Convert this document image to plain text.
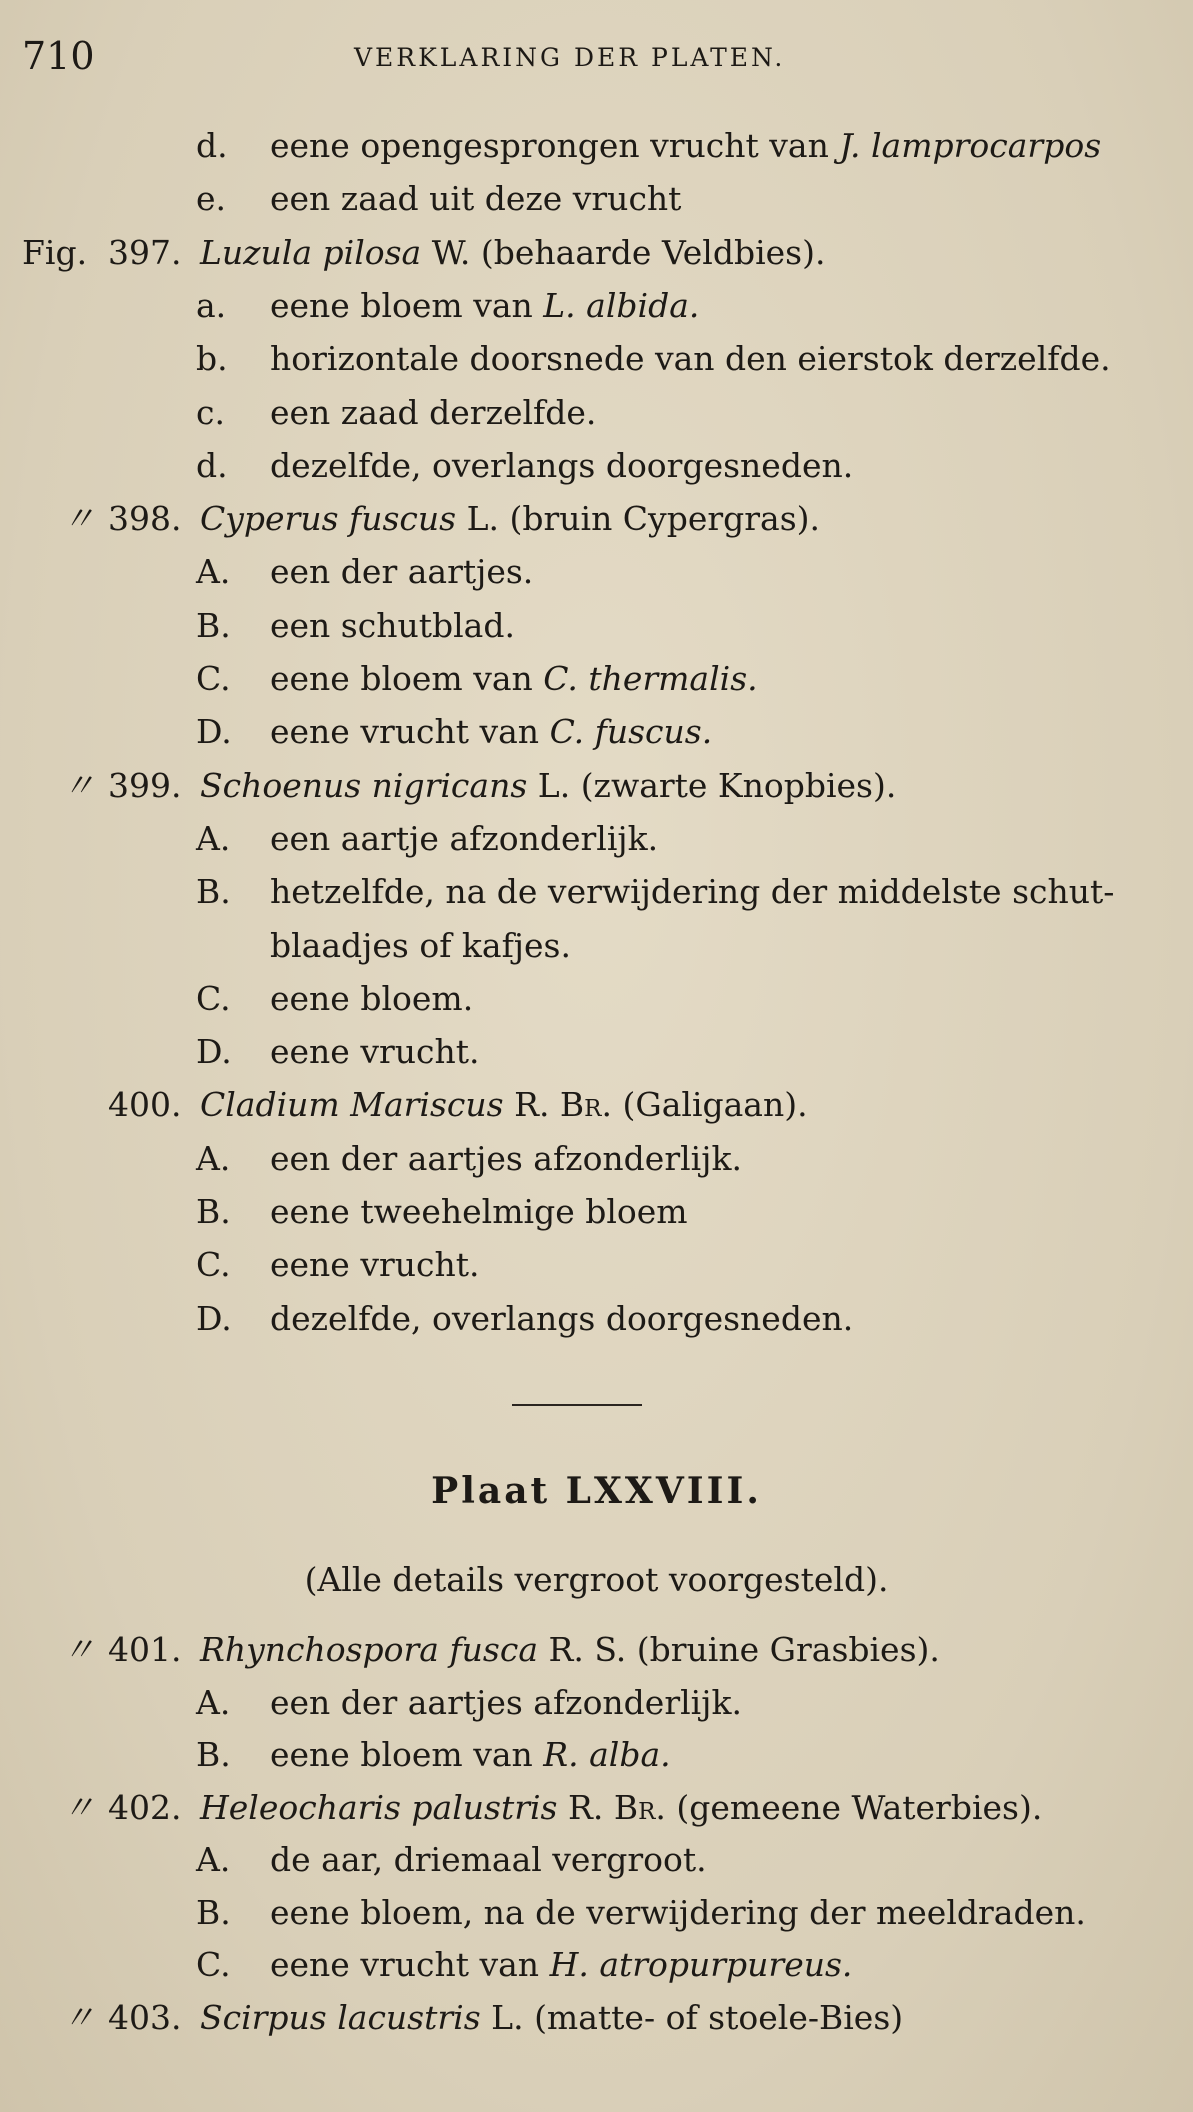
710	VERKLARING DER PLATEN.
d. eene opengesprongen vrucht van J. lamprocarpos
e. een zaad uit deze vrucht
Fig. 397. Luzula pilosa W. (behaarde Veldbies).
a. eene bloem van L. albida.
b. horizontale doorsnede van den eierstok derzelfde.
c. een zaad derzelfde.
d. dezelfde, overlangs doorgesneden.
〃 398. Cyperus fuscus L. (bruin Cypergras).
A. een der aartjes.
B. een schutblad.
C. eene bloem van C. thermalis.
D. eene vrucht van C. fuscus.
〃 399. Schoenus nigricans L. (zwarte Knopbies).
A. een aartje afzonderlijk.
B. hetzelfde, na de verwijdering der middelste schut-
blaadjes of kafjes.
C. eene bloem.
D. eene vrucht.
400. Cladium Mariscus R. Br. (Galigaan).
A. een der aartjes afzonderlijk.
B. eene tweehelmige bloem
C. eene vrucht.
D. dezelfde, overlangs doorgesneden.
Plaat LXXVIII.
(Alle details vergroot voorgesteld).
〃 401. Rhynchospora fusca R. S. (bruine Grasbies).
A. een der aartjes afzonderlijk.
B. eene bloem van R. alba.
〃 402. Heleocharis palustris R. Br. (gemeene Waterbies).
A. de aar, driemaal vergroot.
B. eene bloem, na de verwijdering der meeldraden.
C. eene vrucht van H. atropurpureus.
〃 403. Scirpus lacustris L. (matte- of stoele-Bies)
